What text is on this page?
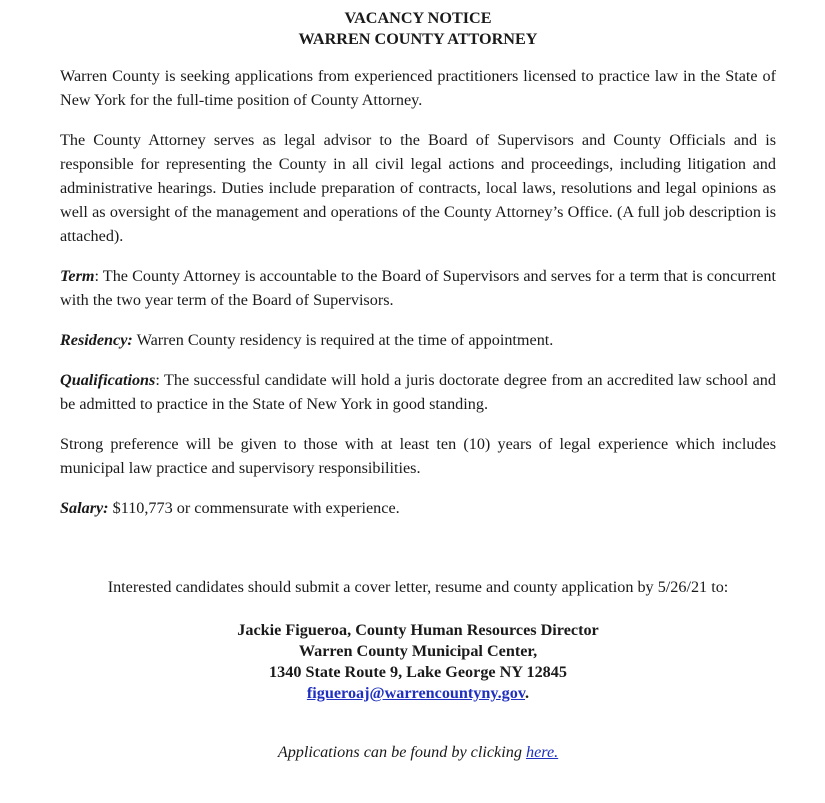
VACANCY NOTICE

WARREN COUNTY ATTORNEY

Warren County is seeking applications from experienced practitioners licensed to practice law in the State of New York for the full-time position of County Attorney.

The County Attorney serves as legal advisor to the Board of Supervisors and County Officials and is responsible for representing the County in all civil legal actions and proceedings, including litigation and administrative hearings. Duties include preparation of contracts, local laws, resolutions and legal opinions as well as oversight of the management and operations of the County Attorney’s Office. (A full job description is attached).

Term: The County Attorney is accountable to the Board of Supervisors and serves for a term that is concurrent with the two year term of the Board of Supervisors.

Residency: Warren County residency is required at the time of appointment.

Qualifications: The successful candidate will hold a juris doctorate degree from an accredited law school and be admitted to practice in the State of New York in good standing.

Strong preference will be given to those with at least ten (10) years of legal experience which includes municipal law practice and supervisory responsibilities.

Salary: $110,773 or commensurate with experience.

Interested candidates should submit a cover letter, resume and county application by 5/26/21 to:

Jackie Figueroa, County Human Resources Director

Warren County Municipal Center,

1340 State Route 9, Lake George NY 12845

figueroaj@warrencountyny.gov.

Applications can be found by clicking here.
